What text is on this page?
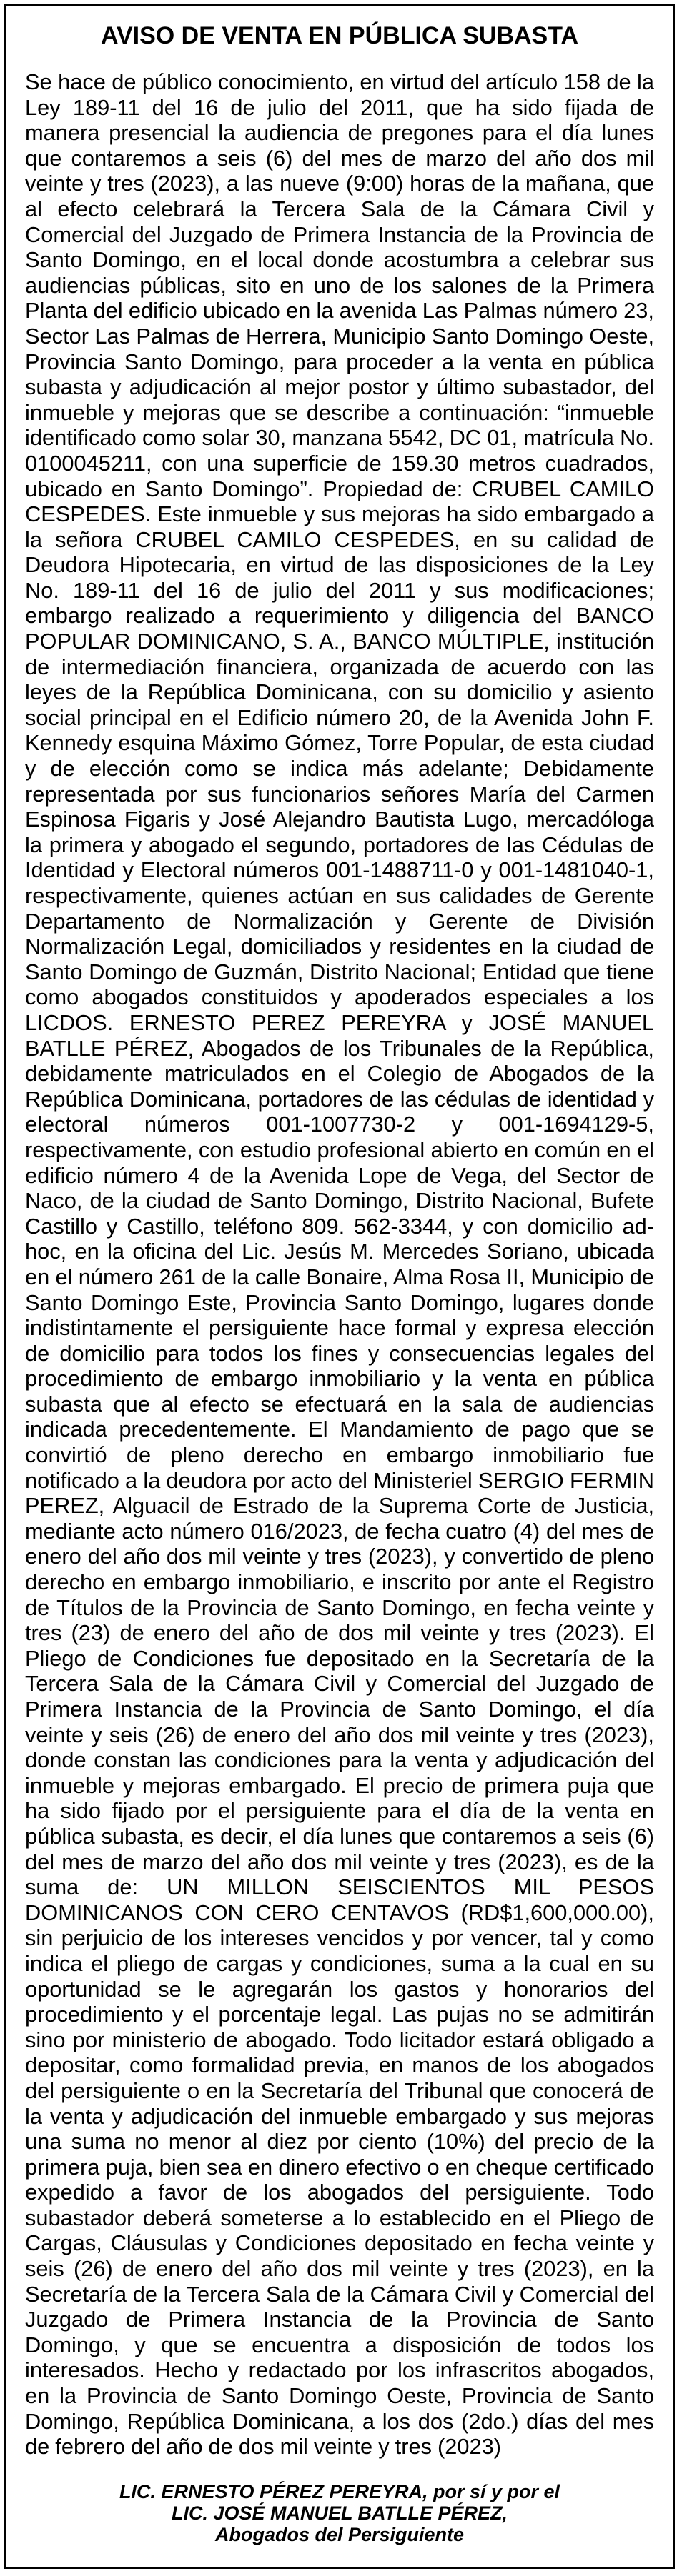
AVISO DE VENTA EN PÚBLICA SUBASTA

Se hace de público conocimiento, en virtud del artículo 158 de la Ley 189-11 del 16 de julio del 2011, que ha sido fijada de manera presencial la audiencia de pregones para el día lunes que contaremos a seis (6) del mes de marzo del año dos mil veinte y tres (2023), a las nueve (9:00) horas de la mañana, que al efecto celebrará la Tercera Sala de la Cámara Civil y Comercial del Juzgado de Primera Instancia de la Provincia de Santo Domingo, en el local donde acostumbra a celebrar sus audiencias públicas, sito en uno de los salones de la Primera Planta del edificio ubicado en la avenida Las Palmas número 23, Sector Las Palmas de Herrera, Municipio Santo Domingo Oeste, Provincia Santo Domingo, para proceder a la venta en pública subasta y adjudicación al mejor postor y último subastador, del inmueble y mejoras que se describe a continuación: “inmueble identificado como solar 30, manzana 5542, DC 01, matrícula No. 0100045211, con una superficie de 159.30 metros cuadrados, ubicado en Santo Domingo”. Propiedad de: CRUBEL CAMILO CESPEDES. Este inmueble y sus mejoras ha sido embargado a la señora CRUBEL CAMILO CESPEDES, en su calidad de Deudora Hipotecaria, en virtud de las disposiciones de la Ley No. 189-11 del 16 de julio del 2011 y sus modificaciones; embargo realizado a requerimiento y diligencia del BANCO POPULAR DOMINICANO, S. A., BANCO MÚLTIPLE, institución de intermediación financiera, organizada de acuerdo con las leyes de la República Dominicana, con su domicilio y asiento social principal en el Edificio número 20, de la Avenida John F. Kennedy esquina Máximo Gómez, Torre Popular, de esta ciudad y de elección como se indica más adelante; Debidamente representada por sus funcionarios señores María del Carmen Espinosa Figaris y José Alejandro Bautista Lugo, mercadóloga la primera y abogado el segundo, portadores de las Cédulas de Identidad y Electoral números 001-1488711-0 y 001-1481040-1, respectivamente, quienes actúan en sus calidades de Gerente Departamento de Normalización y Gerente de División Normalización Legal, domiciliados y residentes en la ciudad de Santo Domingo de Guzmán, Distrito Nacional; Entidad que tiene como abogados constituidos y apoderados especiales a los LICDOS. ERNESTO PEREZ PEREYRA y JOSÉ MANUEL BATLLE PÉREZ, Abogados de los Tribunales de la República, debidamente matriculados en el Colegio de Abogados de la República Dominicana, portadores de las cédulas de identidad y electoral números 001-1007730-2 y 001-1694129-5, respectivamente, con estudio profesional abierto en común en el edificio número 4 de la Avenida Lope de Vega, del Sector de Naco, de la ciudad de Santo Domingo, Distrito Nacional, Bufete Castillo y Castillo, teléfono 809. 562-3344, y con domicilio ad-hoc, en la oficina del Lic. Jesús M. Mercedes Soriano, ubicada en el número 261 de la calle Bonaire, Alma Rosa II, Municipio de Santo Domingo Este, Provincia Santo Domingo, lugares donde indistintamente el persiguiente hace formal y expresa elección de domicilio para todos los fines y consecuencias legales del procedimiento de embargo inmobiliario y la venta en pública subasta que al efecto se efectuará en la sala de audiencias indicada precedentemente. El Mandamiento de pago que se convirtió de pleno derecho en embargo inmobiliario fue notificado a la deudora por acto del Ministeriel SERGIO FERMIN PEREZ, Alguacil de Estrado de la Suprema Corte de Justicia, mediante acto número 016/2023, de fecha cuatro (4) del mes de enero del año dos mil veinte y tres (2023), y convertido de pleno derecho en embargo inmobiliario, e inscrito por ante el Registro de Títulos de la Provincia de Santo Domingo, en fecha veinte y tres (23) de enero del año de dos mil veinte y tres (2023). El Pliego de Condiciones fue depositado en la Secretaría de la Tercera Sala de la Cámara Civil y Comercial del Juzgado de Primera Instancia de la Provincia de Santo Domingo, el día veinte y seis (26) de enero del año dos mil veinte y tres (2023), donde constan las condiciones para la venta y adjudicación del inmueble y mejoras embargado. El precio de primera puja que ha sido fijado por el persiguiente para el día de la venta en pública subasta, es decir, el día lunes que contaremos a seis (6) del mes de marzo del año dos mil veinte y tres (2023), es de la suma de: UN MILLON SEISCIENTOS MIL PESOS DOMINICANOS CON CERO CENTAVOS (RD$1,600,000.00), sin perjuicio de los intereses vencidos y por vencer, tal y como indica el pliego de cargas y condiciones, suma a la cual en su oportunidad se le agregarán los gastos y honorarios del procedimiento y el porcentaje legal. Las pujas no se admitirán sino por ministerio de abogado. Todo licitador estará obligado a depositar, como formalidad previa, en manos de los abogados del persiguiente o en la Secretaría del Tribunal que conocerá de la venta y adjudicación del inmueble embargado y sus mejoras una suma no menor al diez por ciento (10%) del precio de la primera puja, bien sea en dinero efectivo o en cheque certificado expedido a favor de los abogados del persiguiente. Todo subastador deberá someterse a lo establecido en el Pliego de Cargas, Cláusulas y Condiciones depositado en fecha veinte y seis (26) de enero del año dos mil veinte y tres (2023), en la Secretaría de la Tercera Sala de la Cámara Civil y Comercial del Juzgado de Primera Instancia de la Provincia de Santo Domingo, y que se encuentra a disposición de todos los interesados. Hecho y redactado por los infrascritos abogados, en la Provincia de Santo Domingo Oeste, Provincia de Santo Domingo, República Dominicana, a los dos (2do.) días del mes de febrero del año de dos mil veinte y tres (2023)

LIC. ERNESTO PÉREZ PEREYRA, por sí y por el
LIC. JOSÉ MANUEL BATLLE PÉREZ,
Abogados del Persiguiente
